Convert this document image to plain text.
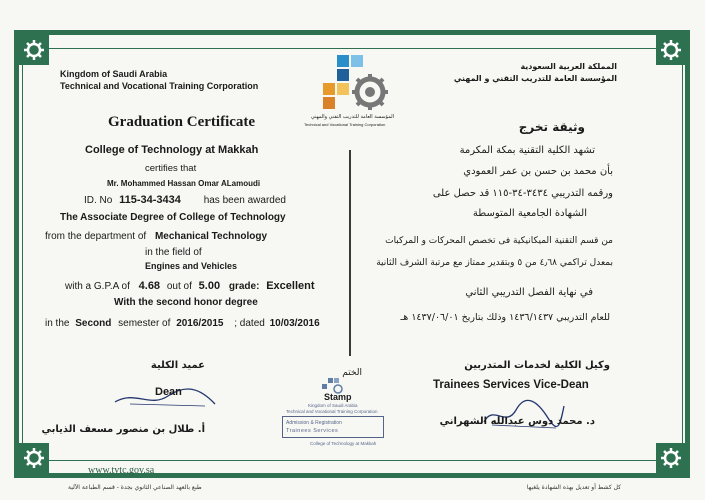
Kingdom of Saudi Arabia
Technical and Vocational Training Corporation
المملكة العربية السعودية
المؤسسة العامة للتدريب التقني و المهني
المؤسسة العامة للتدريب التقني والمهني
Technical and Vocational Training Corporation
Graduation Certificate
College of Technology at Makkah
certifies that
Mr. Mohammed Hassan Omar ALamoudi
ID. No 115-34-3434 has been awarded
The Associate Degree of College of Technology
from the department of Mechanical Technology
in the field of
Engines and Vehicles
with a G.P.A of 4.68 out of 5.00 grade: Excellent
With the second honor degree
in the Second semester of 2016/2015 ; dated 10/03/2016
وثيقة تخرج
تشهد الكلية التقنية بمكة المكرمة
بأن محمد بن حسن بن عمر العمودي
ورقمه التدريبي ٣٤٣٤-٣٤-١١٥ قد حصل على
الشهادة الجامعية المتوسطة
من قسم التقنية الميكانيكية فى تخصص المحركات و المركبات
بمعدل تراكمي ٤٫٦٨ من ٥ وبتقدير ممتاز مع مرتبة الشرف الثانية
في نهاية الفصل التدريبي الثاني
للعام التدريبي ١٤٣٦/١٤٣٧ وذلك بتاريخ ١٤٣٧/٠٦/٠١ هـ
عميد الكلية
Dean
أ. طلال بن منصور مسعف الذيابي
الختم
Stamp
Kingdom of Saudi Arabia
Technical and Vocational Training Corporation
Admission & Registration
Trainees Services
College of Technology at Makkah
وكيل الكلية لخدمات المتدربين
Trainees Services Vice-Dean
د. محمد دوس عبدالله الشهراني
www.tvtc.gov.sa
طبع بالعهد الصناعي الثانوي بجدة - قسم الطباعة الآلية	كل كشط أو تعديل بهذه الشهادة يلغيها
